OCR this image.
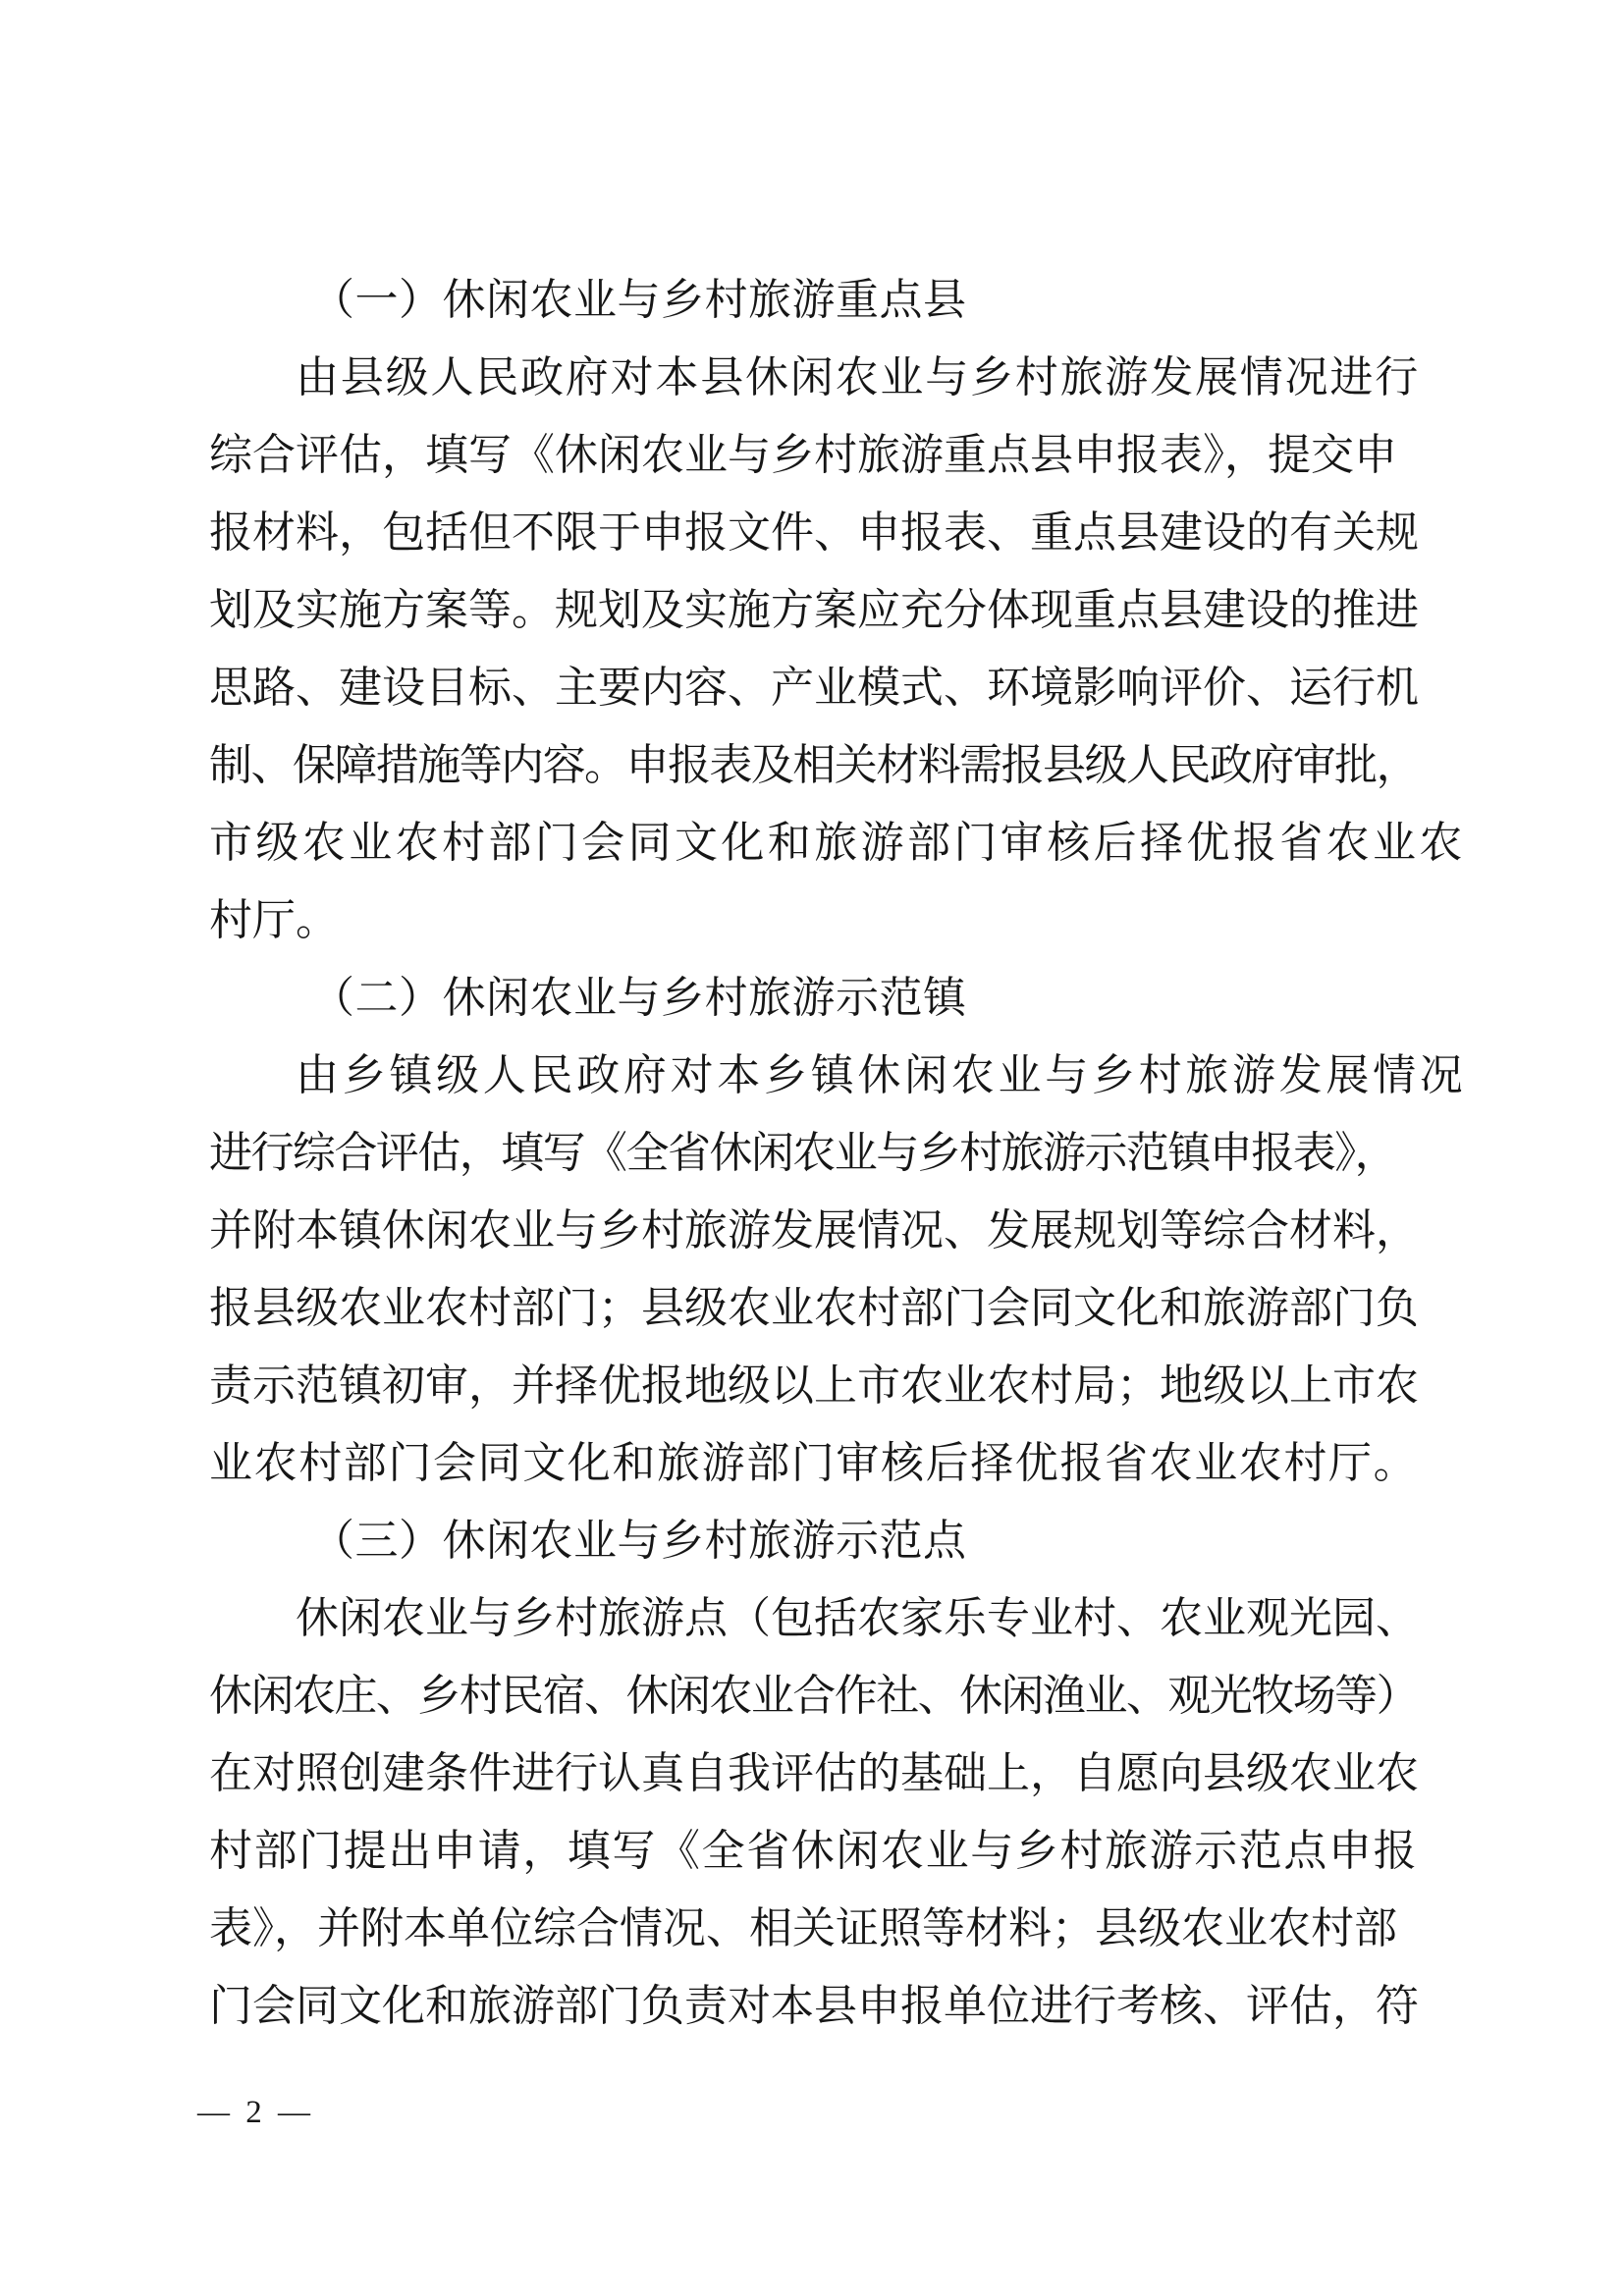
（一）休闲农业与乡村旅游重点县
由县级人民政府对本县休闲农业与乡村旅游发展情况进行
综合评估，填写《休闲农业与乡村旅游重点县申报表》，提交申
报材料，包括但不限于申报文件、申报表、重点县建设的有关规
划及实施方案等。规划及实施方案应充分体现重点县建设的推进
思路、建设目标、主要内容、产业模式、环境影响评价、运行机
制、保障措施等内容。申报表及相关材料需报县级人民政府审批，
市级农业农村部门会同文化和旅游部门审核后择优报省农业农
村厅。
（二）休闲农业与乡村旅游示范镇
由乡镇级人民政府对本乡镇休闲农业与乡村旅游发展情况
进行综合评估，填写《全省休闲农业与乡村旅游示范镇申报表》，
并附本镇休闲农业与乡村旅游发展情况、发展规划等综合材料，
报县级农业农村部门；县级农业农村部门会同文化和旅游部门负
责示范镇初审，并择优报地级以上市农业农村局；地级以上市农
业农村部门会同文化和旅游部门审核后择优报省农业农村厅。
（三）休闲农业与乡村旅游示范点
休闲农业与乡村旅游点（包括农家乐专业村、农业观光园、
休闲农庄、乡村民宿、休闲农业合作社、休闲渔业、观光牧场等）
在对照创建条件进行认真自我评估的基础上，自愿向县级农业农
村部门提出申请，填写《全省休闲农业与乡村旅游示范点申报
表》，并附本单位综合情况、相关证照等材料；县级农业农村部
门会同文化和旅游部门负责对本县申报单位进行考核、评估，符
— 2 —
